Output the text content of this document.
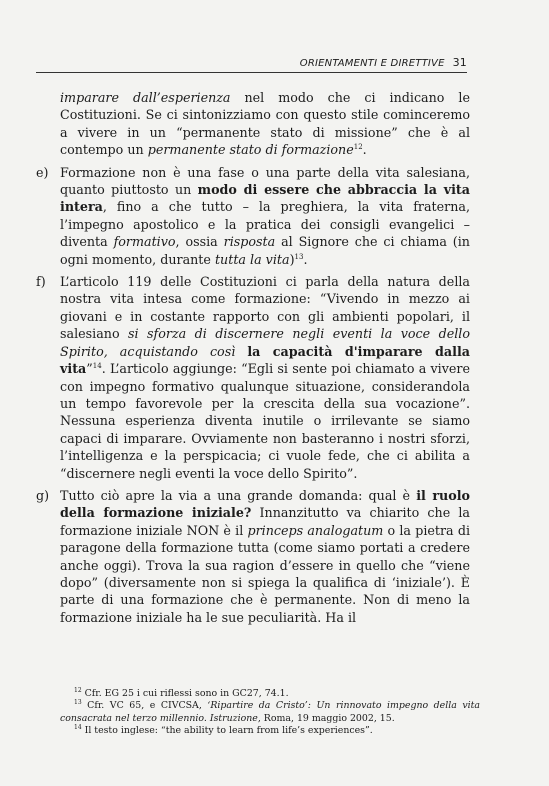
ORIENTAMENTI E DIRETTIVE 31

imparare dall’esperienza nel modo che ci indicano le Costituzioni. Se ci sintonizziamo con questo stile cominceremo a vivere in un “permanente stato di missione” che è al contempo un permanente stato di formazione$^{12}$.

e) Formazione non è una fase o una parte della vita salesiana, quanto piuttosto un modo di essere che abbraccia la vita intera, fino a che tutto – la preghiera, la vita fraterna, l’impegno apostolico e la pratica dei consigli evangelici – diventa formativo, ossia risposta al Signore che ci chiama (in ogni momento, durante tutta la vita)$^{13}$.

f) L’articolo 119 delle Costituzioni ci parla della natura della nostra vita intesa come formazione: “Vivendo in mezzo ai giovani e in costante rapporto con gli ambienti popolari, il salesiano si sforza di discernere negli eventi la voce dello Spirito, acquistando così la capacità d'imparare dalla vita”$^{14}$. L’articolo aggiunge: “Egli si sente poi chiamato a vivere con impegno formativo qualunque situazione, considerandola un tempo favorevole per la crescita della sua vocazione”. Nessuna esperienza diventa inutile o irrilevante se siamo capaci di imparare. Ovviamente non basteranno i nostri sforzi, l’intelligenza e la perspicacia; ci vuole fede, che ci abilita a “discernere negli eventi la voce dello Spirito”.

g) Tutto ciò apre la via a una grande domanda: qual è il ruolo della formazione iniziale? Innanzitutto va chiarito che la formazione iniziale NON è il princeps analogatum o la pietra di paragone della formazione tutta (come siamo portati a credere anche oggi). Trova la sua ragion d’essere in quello che “viene dopo” (diversamente non si spiega la qualifica di ‘iniziale’). È parte di una formazione che è permanente. Non di meno la formazione iniziale ha le sue peculiarità. Ha il

$^{12}$ Cfr. EG 25 i cui riflessi sono in GC27, 74.1.

$^{13}$ Cfr. VC 65, e CIVCSA, ‘Ripartire da Cristo’: Un rinnovato impegno della vita consacrata nel terzo millennio. Istruzione, Roma, 19 maggio 2002, 15.

$^{14}$ Il testo inglese: “the ability to learn from life’s experiences”.
